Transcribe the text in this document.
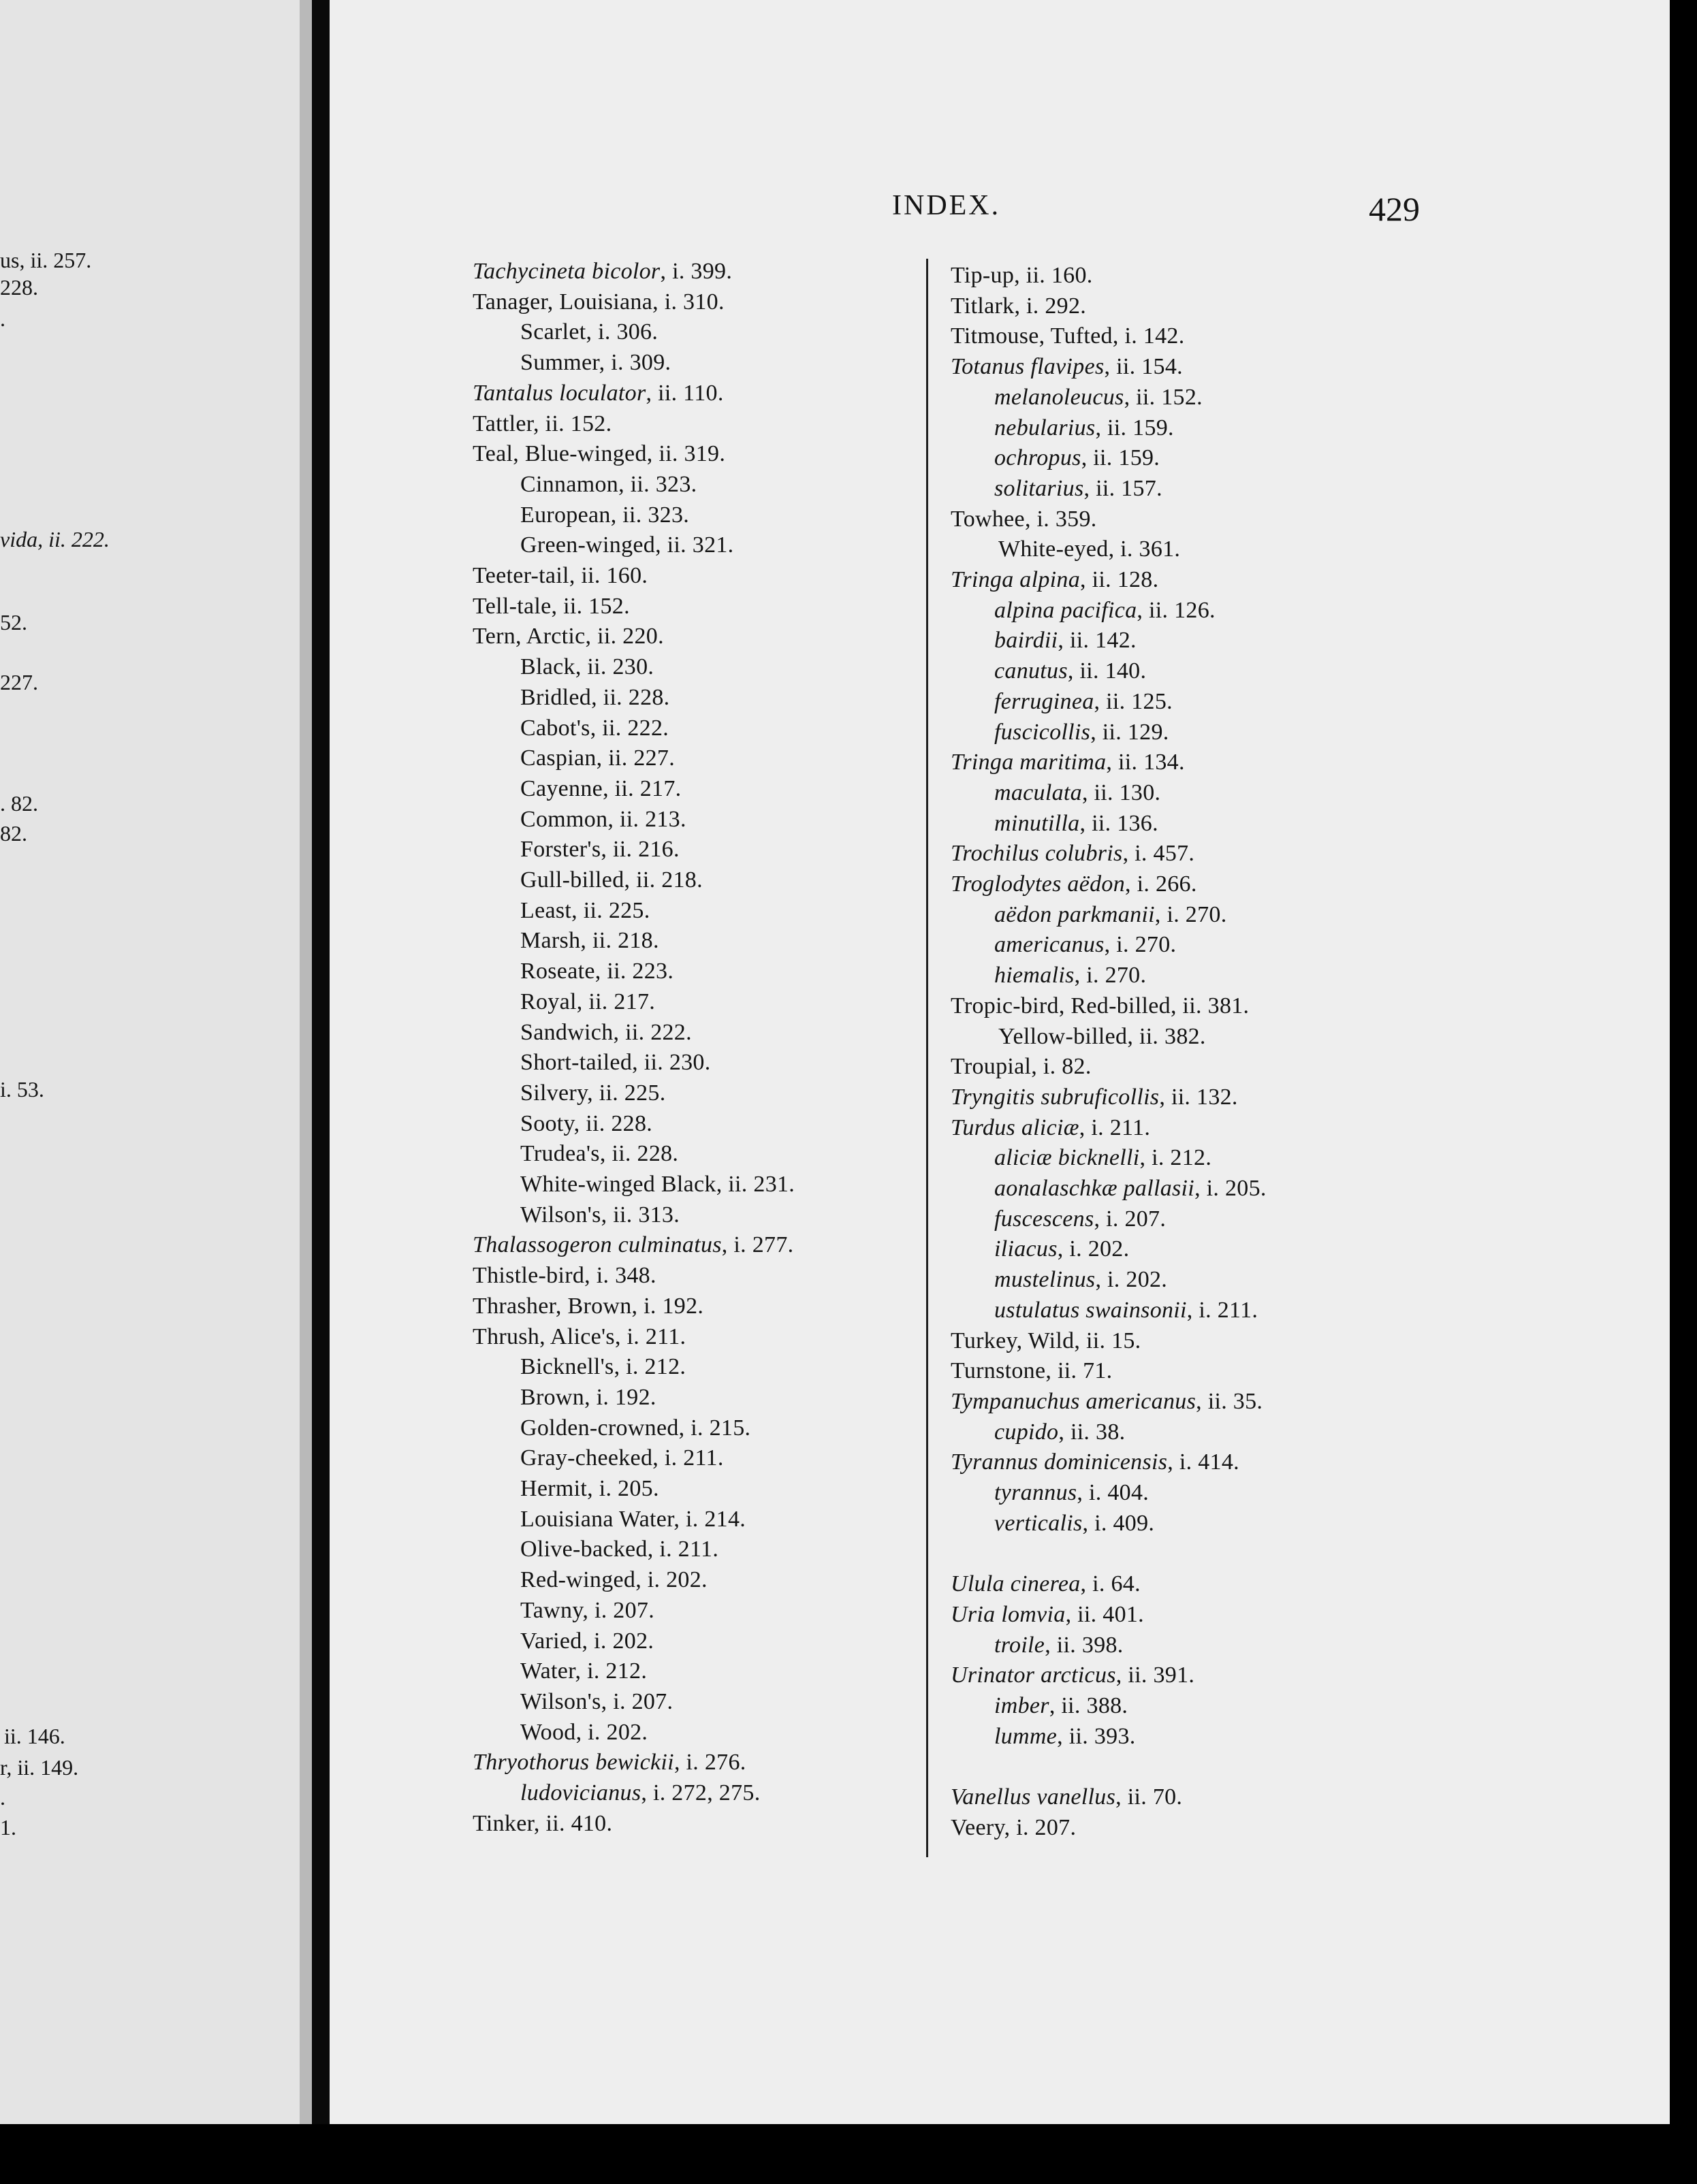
us, ii. 257.
228.
.
vida, ii. 222.
52.
227.
. 82.
82.
i. 53.
ii. 146.
r, ii. 149.
.
1.
INDEX.	429
Tachycineta bicolor, i. 399.
Tanager, Louisiana, i. 310.
Scarlet, i. 306.
Summer, i. 309.
Tantalus loculator, ii. 110.
Tattler, ii. 152.
Teal, Blue-winged, ii. 319.
Cinnamon, ii. 323.
European, ii. 323.
Green-winged, ii. 321.
Teeter-tail, ii. 160.
Tell-tale, ii. 152.
Tern, Arctic, ii. 220.
Black, ii. 230.
Bridled, ii. 228.
Cabot's, ii. 222.
Caspian, ii. 227.
Cayenne, ii. 217.
Common, ii. 213.
Forster's, ii. 216.
Gull-billed, ii. 218.
Least, ii. 225.
Marsh, ii. 218.
Roseate, ii. 223.
Royal, ii. 217.
Sandwich, ii. 222.
Short-tailed, ii. 230.
Silvery, ii. 225.
Sooty, ii. 228.
Trudea's, ii. 228.
White-winged Black, ii. 231.
Wilson's, ii. 313.
Thalassogeron culminatus, i. 277.
Thistle-bird, i. 348.
Thrasher, Brown, i. 192.
Thrush, Alice's, i. 211.
Bicknell's, i. 212.
Brown, i. 192.
Golden-crowned, i. 215.
Gray-cheeked, i. 211.
Hermit, i. 205.
Louisiana Water, i. 214.
Olive-backed, i. 211.
Red-winged, i. 202.
Tawny, i. 207.
Varied, i. 202.
Water, i. 212.
Wilson's, i. 207.
Wood, i. 202.
Thryothorus bewickii, i. 276.
ludovicianus, i. 272, 275.
Tinker, ii. 410.
Tip-up, ii. 160.
Titlark, i. 292.
Titmouse, Tufted, i. 142.
Totanus flavipes, ii. 154.
melanoleucus, ii. 152.
nebularius, ii. 159.
ochropus, ii. 159.
solitarius, ii. 157.
Towhee, i. 359.
White-eyed, i. 361.
Tringa alpina, ii. 128.
alpina pacifica, ii. 126.
bairdii, ii. 142.
canutus, ii. 140.
ferruginea, ii. 125.
fuscicollis, ii. 129.
Tringa maritima, ii. 134.
maculata, ii. 130.
minutilla, ii. 136.
Trochilus colubris, i. 457.
Troglodytes aëdon, i. 266.
aëdon parkmanii, i. 270.
americanus, i. 270.
hiemalis, i. 270.
Tropic-bird, Red-billed, ii. 381.
Yellow-billed, ii. 382.
Troupial, i. 82.
Tryngitis subruficollis, ii. 132.
Turdus aliciæ, i. 211.
aliciæ bicknelli, i. 212.
aonalaschkæ pallasii, i. 205.
fuscescens, i. 207.
iliacus, i. 202.
mustelinus, i. 202.
ustulatus swainsonii, i. 211.
Turkey, Wild, ii. 15.
Turnstone, ii. 71.
Tympanuchus americanus, ii. 35.
cupido, ii. 38.
Tyrannus dominicensis, i. 414.
tyrannus, i. 404.
verticalis, i. 409.
Ulula cinerea, i. 64.
Uria lomvia, ii. 401.
troile, ii. 398.
Urinator arcticus, ii. 391.
imber, ii. 388.
lumme, ii. 393.
Vanellus vanellus, ii. 70.
Veery, i. 207.
